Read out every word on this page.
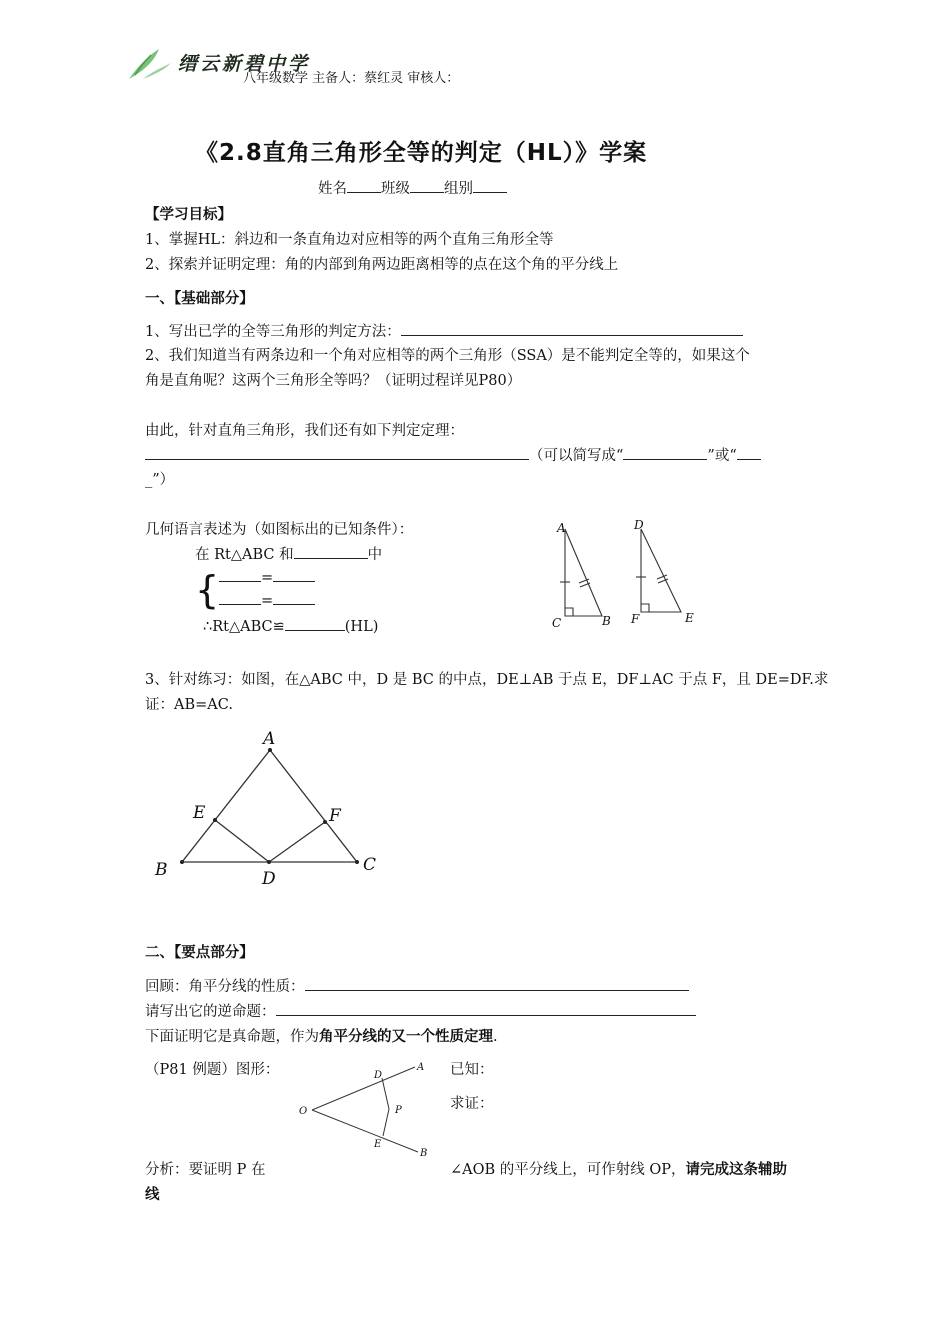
缙云新碧中学
八年级数学 主备人：蔡红灵 审核人：
《2.8直角三角形全等的判定（HL）》学案
姓名 班级 组别
【学习目标】
1、掌握HL：斜边和一条直角边对应相等的两个直角三角形全等
2、探索并证明定理：角的内部到角两边距离相等的点在这个角的平分线上
一、【基础部分】
1、写出已学的全等三角形的判定方法：
2、我们知道当有两条边和一个角对应相等的两个三角形（SSA）是不能判定全等的，如果这个
角是直角呢？这两个三角形全等吗？（证明过程详见P80）
由此，针对直角三角形，我们还有如下判定定理：
（可以简写成“	”或“
_”）
几何语言表述为（如图标出的已知条件）：
在 Rt△ABC 和	中
{	=
=
∴Rt△ABC≌	(HL)
A
C	B
D
F	E
3、针对练习：如图，在△ABC 中，D 是 BC 的中点，DE⊥AB 于点 E，DF⊥AC 于点 F，且 DE=DF.求
证：AB=AC.
A
E	F
B	D
C
二、【要点部分】
回顾：角平分线的性质：
请写出它的逆命题：
下面证明它是真命题，作为角平分线的又一个性质定理.
（P81 例题）图形：	已知：
求证：
O
D
A
P
E
B
分析：要证明 P 在	∠AOB 的平分线上，可作射线 OP，请完成这条辅助
线
